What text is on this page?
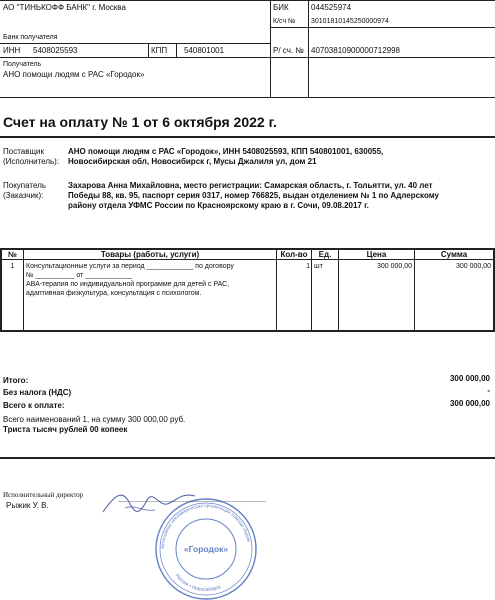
АО "ТИНЬКОФФ БАНК" г. Москва
Банк получателя
БИК	044525974
К/сч № 30101810145250000974
ИНН 5408025593	КПП 540801001	Р/ сч. № 40703810900000712998
Получатель
АНО помощи людям с РАС «Городок»
Счет на оплату № 1 от 6 октября 2022 г.
Поставщик
(Исполнитель):
АНО помощи людям с РАС «Городок», ИНН 5408025593, КПП 540801001, 630055,
Новосибирская обл, Новосибирск г, Мусы Джалиля ул, дом 21
Покупатель
(Заказчик):
Захарова Анна Михайловна, место регистрации: Самарская область, г. Тольятти, ул. 40 лет
Победы 88, кв. 95, паспорт серия 0317, номер 766825, выдан отделением № 1 по Адлерскому
району отдела УФМС России по Красноярскому краю в г. Сочи, 09.08.2017 г.
№	Товары (работы, услуги)	Кол-во	Ед.	Цена	Сумма
1	Консультационные услуги за период ____________ по договору
№ __________ от ____________
АВА-терапия по индивидуальной программе для детей с РАС,
адаптивная физкультура, консультация с психологом.
1 шт	300 000,00	300 000,00
Итого:	300 000,00
Без налога (НДС)	-
Всего к оплате:	300 000,00
Всего наименований 1, на сумму 300 000,00 руб.
Триста тысяч рублей 00 копеек
Исполнительный директор
Рыжик У. В.
Автономная некоммерческая организация помощи людям
Россия • Новосибирск
«Городок»
